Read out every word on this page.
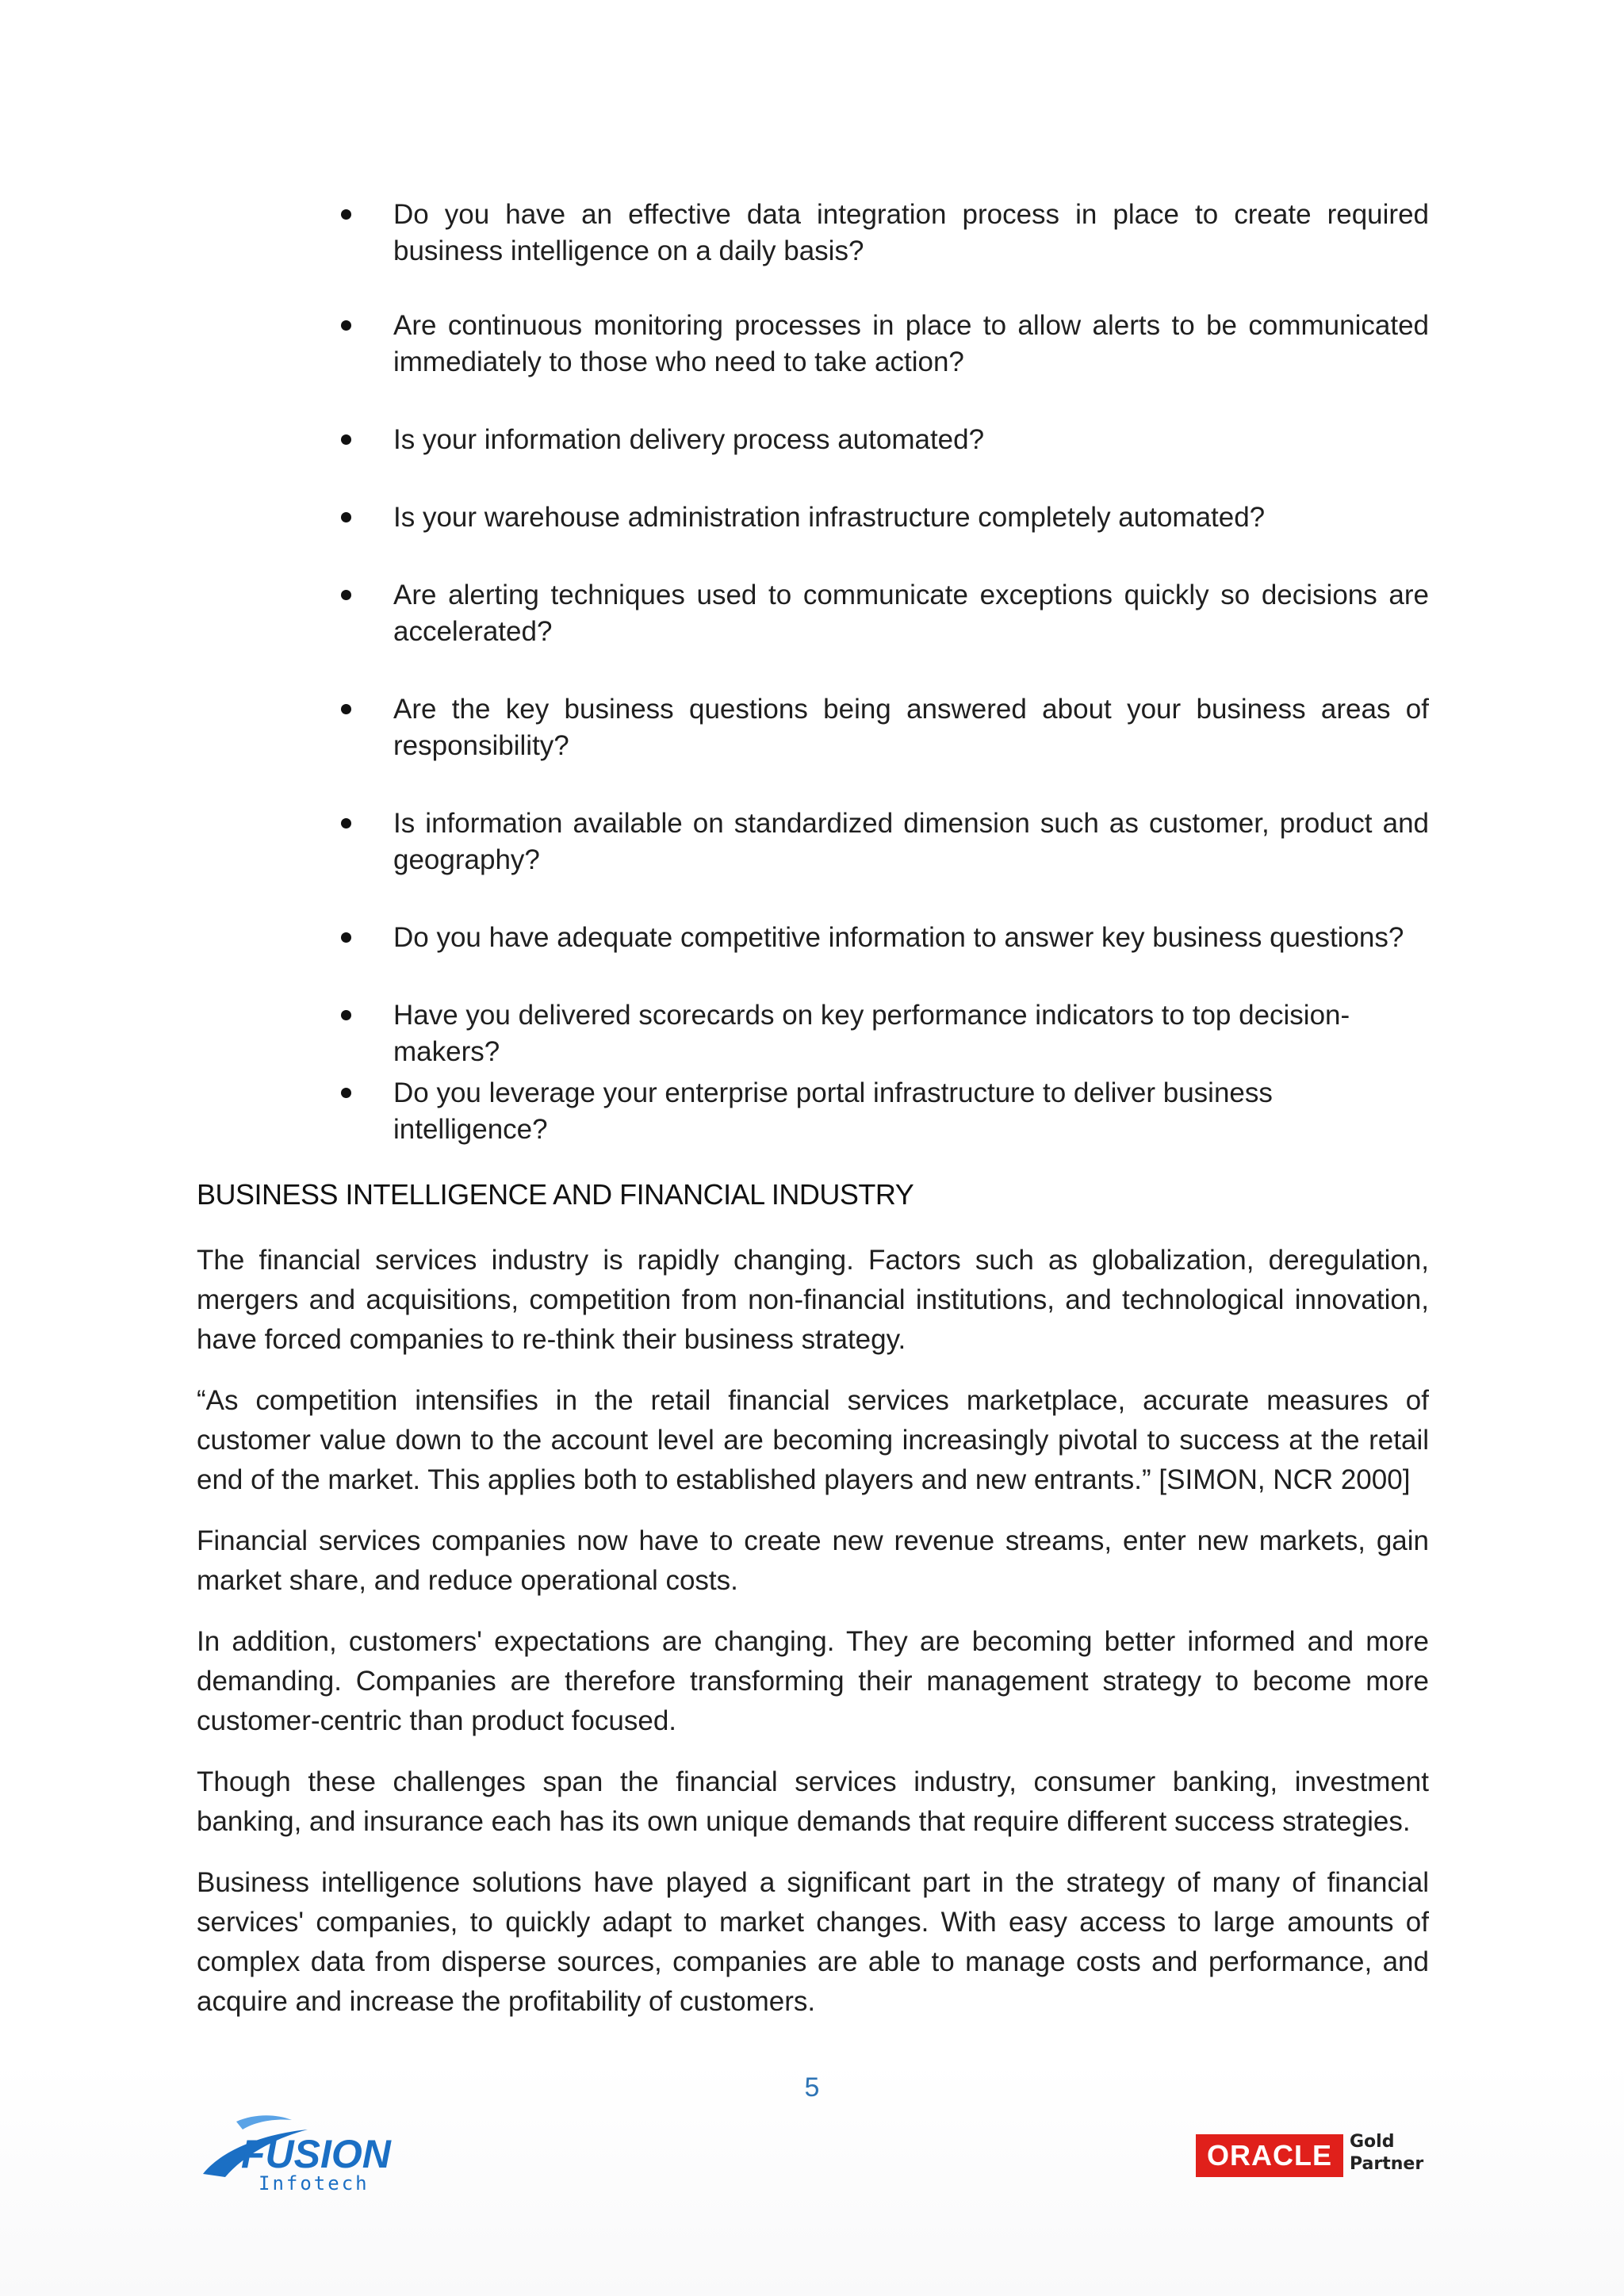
Do you have an effective data integration process in place to create required business intelligence on a daily basis?
Are continuous monitoring processes in place to allow alerts to be communicated immediately to those who need to take action?
Is your information delivery process automated?
Is your warehouse administration infrastructure completely automated?
Are alerting techniques used to communicate exceptions quickly so decisions are accelerated?
Are the key business questions being answered about your business areas of responsibility?
Is information available on standardized dimension such as customer, product and geography?
Do you have adequate competitive information to answer key business questions?
Have you delivered scorecards on key performance indicators to top decision-makers?
Do you leverage your enterprise portal infrastructure to deliver business intelligence?
BUSINESS INTELLIGENCE AND FINANCIAL INDUSTRY

The financial services industry is rapidly changing. Factors such as globalization, deregulation, mergers and acquisitions, competition from non-financial institutions, and technological innovation, have forced companies to re-think their business strategy.

“As competition intensifies in the retail financial services marketplace, accurate measures of customer value down to the account level are becoming increasingly pivotal to success at the retail end of the market. This applies both to established players and new entrants.” [SIMON, NCR 2000]

Financial services companies now have to create new revenue streams, enter new markets, gain market share, and reduce operational costs.

In addition, customers' expectations are changing. They are becoming better informed and more demanding. Companies are therefore transforming their management strategy to become more customer-centric than product focused.

Though these challenges span the financial services industry, consumer banking, investment banking, and insurance each has its own unique demands that require different success strategies.

Business intelligence solutions have played a significant part in the strategy of many of financial services' companies, to quickly adapt to market changes. With easy access to large amounts of complex data from disperse sources, companies are able to manage costs and performance, and acquire and increase the profitability of customers.

5
FUSION
Infotech
ORACLE Gold
Partner
